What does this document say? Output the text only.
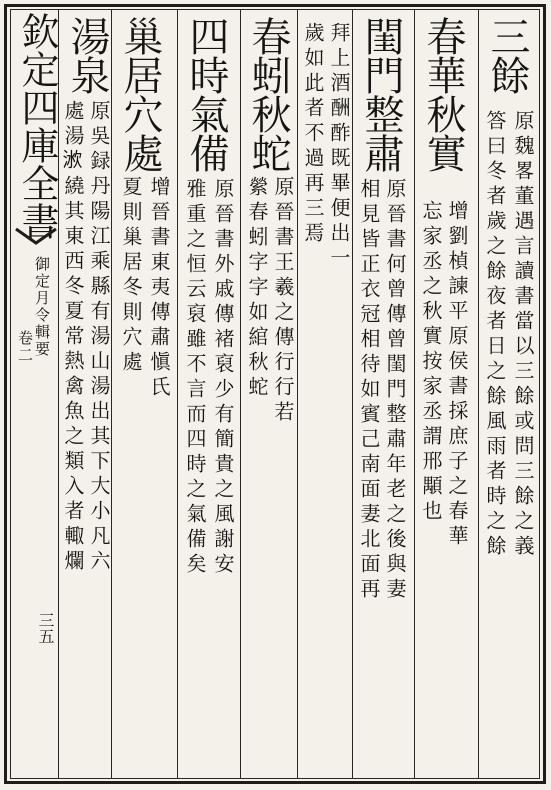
欽定四庫全書
御定月令輯要
卷二
三五
三餘
原魏畧董遇言讀書當以三餘或問三餘之義
答曰冬者歲之餘夜者日之餘風雨者時之餘
春華秋實
增劉楨諫平原侯書採庶子之春華
忘家丞之秋實按家丞謂邢顒也
閨門整肅
原晉書何曾傳曾閨門整肅年老之後與妻
相見皆正衣冠相待如賓己南面妻北面再
拜上酒酬酢既畢便出一
歲如此者不過再三焉
春蚓秋蛇
原晉書王羲之傳行行若
縈春蚓字字如綰秋蛇
四時氣備
原晉書外戚傳褚裒少有簡貴之風謝安
雅重之恒云裒雖不言而四時之氣備矣
巢居穴處
增晉書東夷傳肅愼氏
夏則巢居冬則穴處
湯泉
原吳録丹陽江乘縣有湯山湯出其下大小凡六
處湯𣶛繞其東西冬夏常熱禽魚之類入者輙爛
